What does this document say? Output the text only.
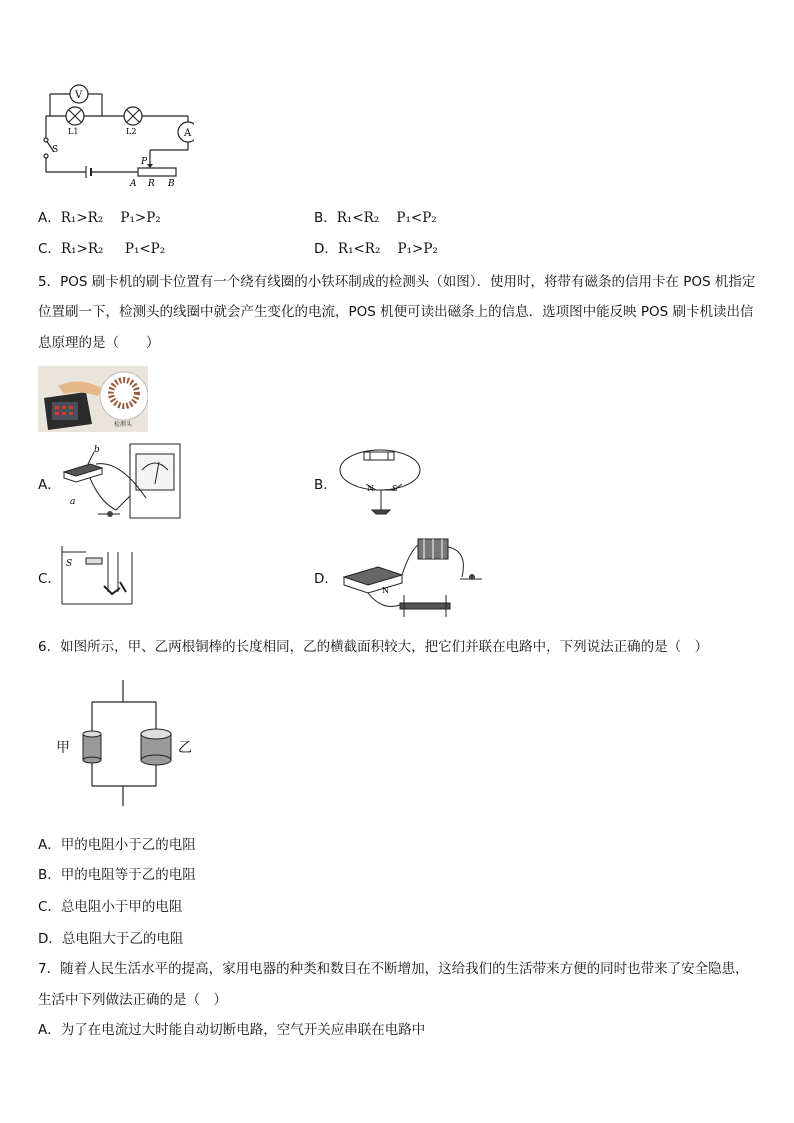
V
A
L1	L2
S
P
A R B
A．R₁>R₂ P₁>P₂	B．R₁<R₂ P₁<P₂
C．R₁>R₂ P₁<P₂	D．R₁<R₂ P₁>P₂
5．POS 刷卡机的刷卡位置有一个绕有线圈的小铁环制成的检测头（如图）．使用时，将带有磁条的信用卡在 POS 机指定
位置刷一下，检测头的线圈中就会产生变化的电流，POS 机便可读出磁条上的信息．选项图中能反映 POS 刷卡机读出信
息原理的是（　　）
检测头
A．
b
a
B．	N S
C．
S
D．
N
6．如图所示，甲、乙两根铜棒的长度相同，乙的横截面积较大，把它们并联在电路中，下列说法正确的是（　）
甲	乙
A．甲的电阻小于乙的电阻
B．甲的电阻等于乙的电阻
C．总电阻小于甲的电阻
D．总电阻大于乙的电阻
7．随着人民生活水平的提高，家用电器的种类和数目在不断增加，这给我们的生活带来方便的同时也带来了安全隐患，
生活中下列做法正确的是（　）
A．为了在电流过大时能自动切断电路，空气开关应串联在电路中
